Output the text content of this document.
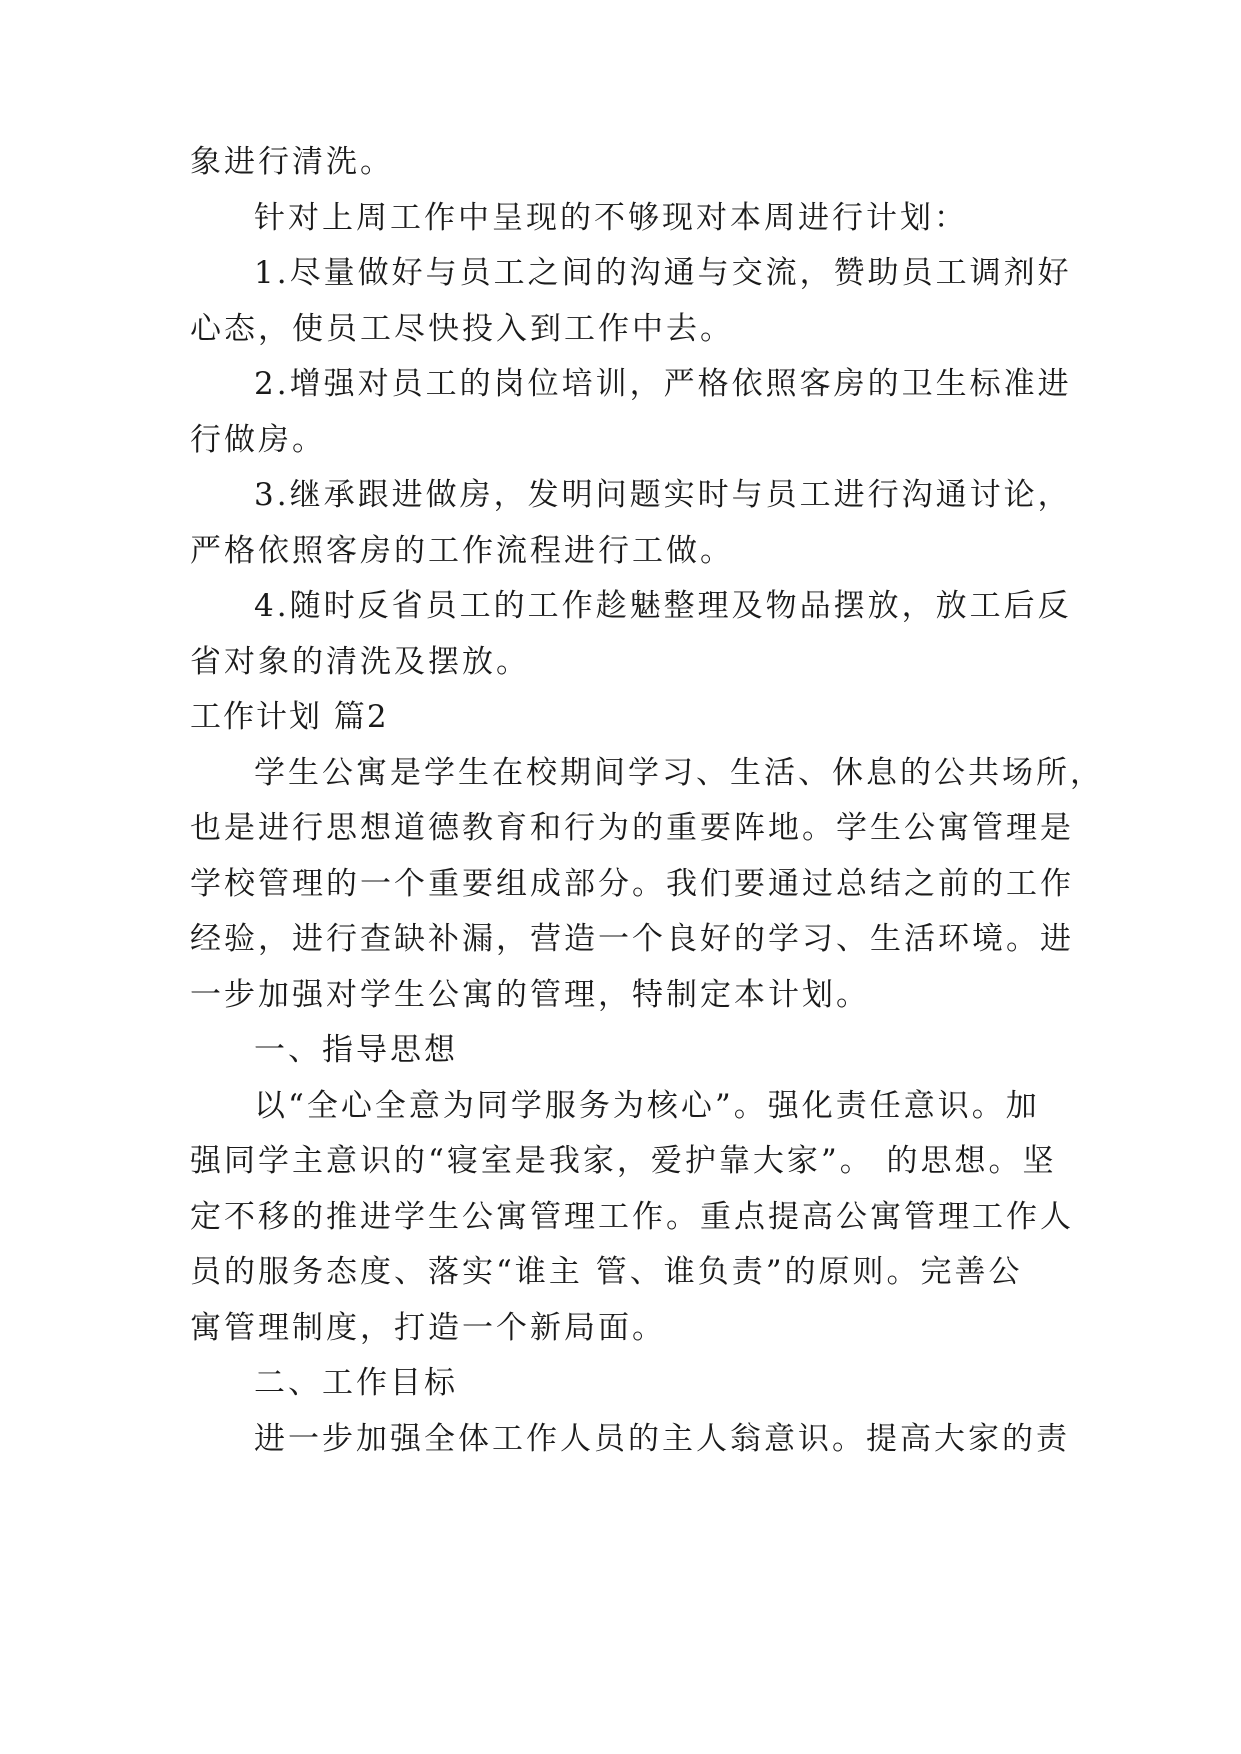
象进行清洗。
针对上周工作中呈现的不够现对本周进行计划：
1.尽量做好与员工之间的沟通与交流，赞助员工调剂好
心态，使员工尽快投入到工作中去。
2.增强对员工的岗位培训，严格依照客房的卫生标准进
行做房。
3.继承跟进做房，发明问题实时与员工进行沟通讨论，
严格依照客房的工作流程进行工做。
4.随时反省员工的工作趁魅整理及物品摆放，放工后反
省对象的清洗及摆放。
工作计划 篇2
学生公寓是学生在校期间学习、生活、休息的公共场所，
也是进行思想道德教育和行为的重要阵地。学生公寓管理是
学校管理的一个重要组成部分。我们要通过总结之前的工作
经验，进行查缺补漏，营造一个良好的学习、生活环境。进
一步加强对学生公寓的管理，特制定本计划。
一、指导思想
以“全心全意为同学服务为核心”。强化责任意识。加
强同学主意识的“寝室是我家，爱护靠大家”。 的思想。坚
定不移的推进学生公寓管理工作。重点提高公寓管理工作人
员的服务态度、落实“谁主 管、谁负责”的原则。完善公
寓管理制度，打造一个新局面。
二、工作目标
进一步加强全体工作人员的主人翁意识。提高大家的责
